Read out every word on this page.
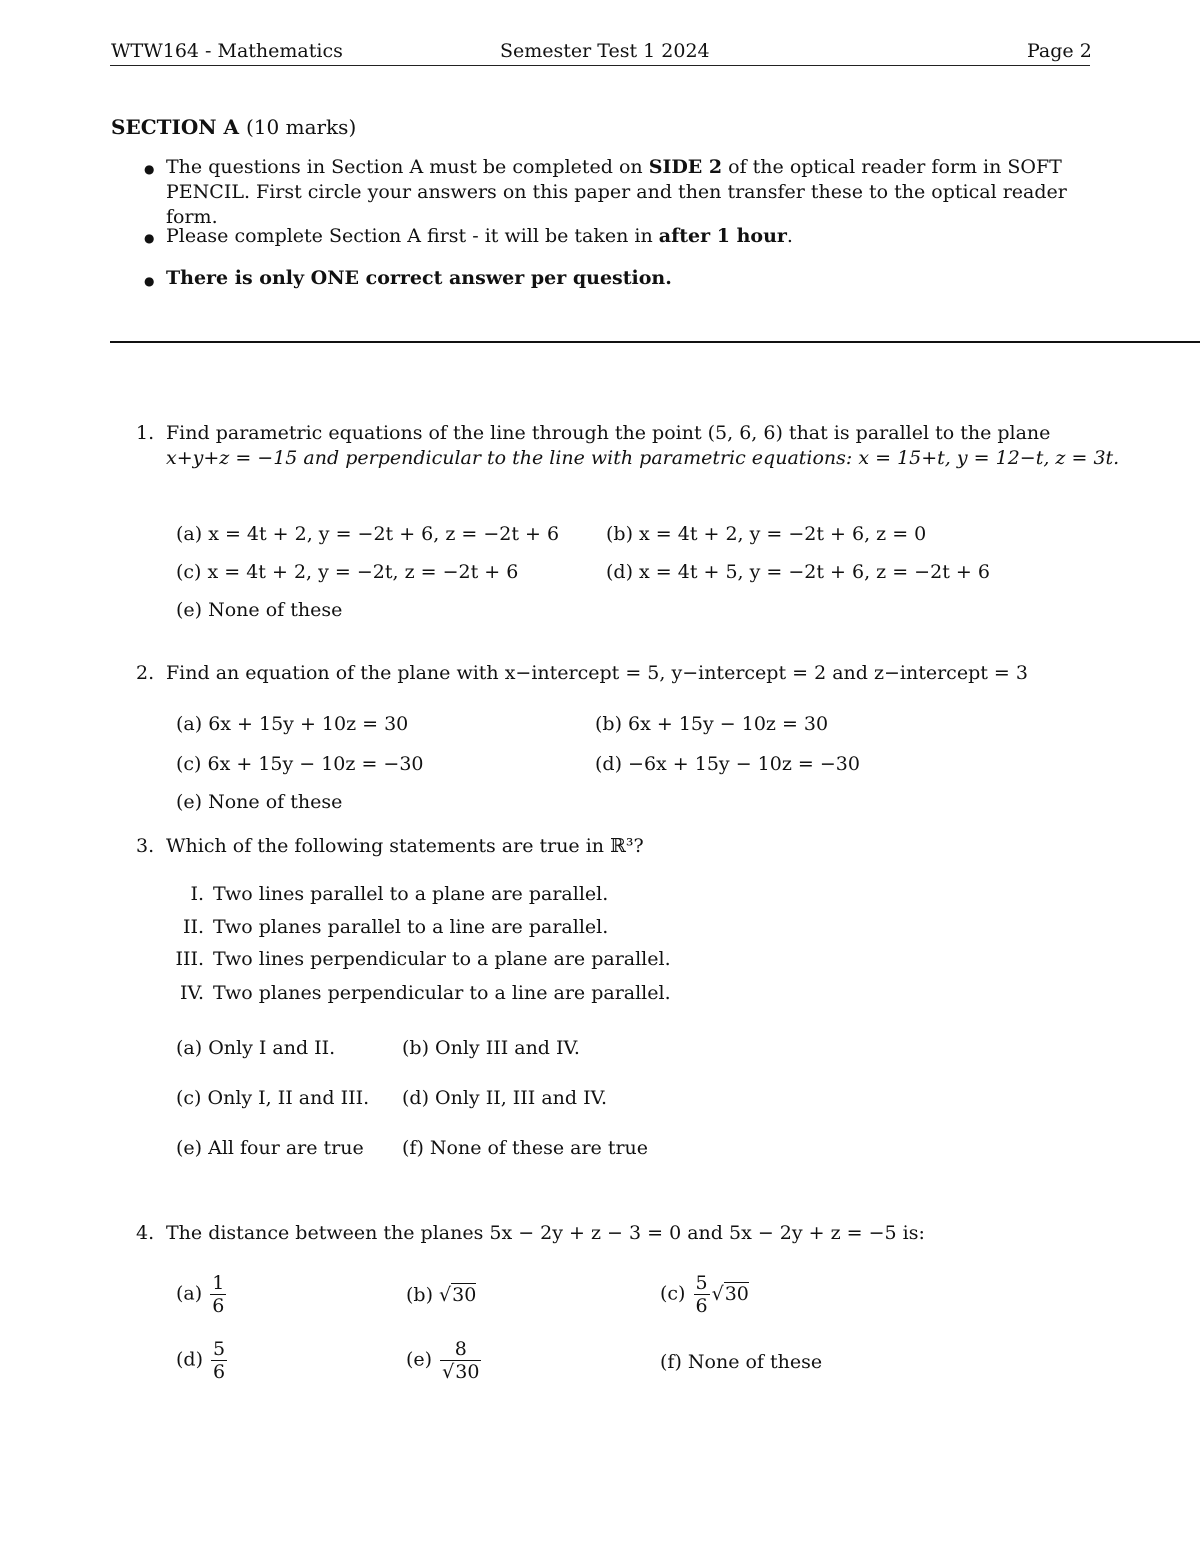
WTW164 - Mathematics	Semester Test 1 2024	Page 2
SECTION A (10 marks)
● The questions in Section A must be completed on SIDE 2 of the optical reader form in SOFT PENCIL. First circle your answers on this paper and then transfer these to the optical reader form.
● Please complete Section A first - it will be taken in after 1 hour.
● There is only ONE correct answer per question.
1. Find parametric equations of the line through the point (5, 6, 6) that is parallel to the plane
x+y+z = −15 and perpendicular to the line with parametric equations: x = 15+t, y = 12−t, z = 3t.
(a) x = 4t + 2, y = −2t + 6, z = −2t + 6 (b) x = 4t + 2, y = −2t + 6, z = 0
(c) x = 4t + 2, y = −2t, z = −2t + 6	(d) x = 4t + 5, y = −2t + 6, z = −2t + 6
(e) None of these
2. Find an equation of the plane with x−intercept = 5, y−intercept = 2 and z−intercept = 3
(a) 6x + 15y + 10z = 30	(b) 6x + 15y − 10z = 30
(c) 6x + 15y − 10z = −30	(d) −6x + 15y − 10z = −30
(e) None of these
3. Which of the following statements are true in ℝ³?
I. Two lines parallel to a plane are parallel.
II. Two planes parallel to a line are parallel.
III. Two lines perpendicular to a plane are parallel.
IV. Two planes perpendicular to a line are parallel.
(a) Only I and II.	(b) Only III and IV.
(c) Only I, II and III. (d) Only II, III and IV.
(e) All four are true (f) None of these are true
4. The distance between the planes 5x − 2y + z − 3 = 0 and 5x − 2y + z = −5 is:
$(a) \frac{1}{6}$	(b) √30	$(c) \frac{5}{6} √30$
$(d) \frac{5}{6}$	$(e) \frac{8}{√30}$	(f) None of these
